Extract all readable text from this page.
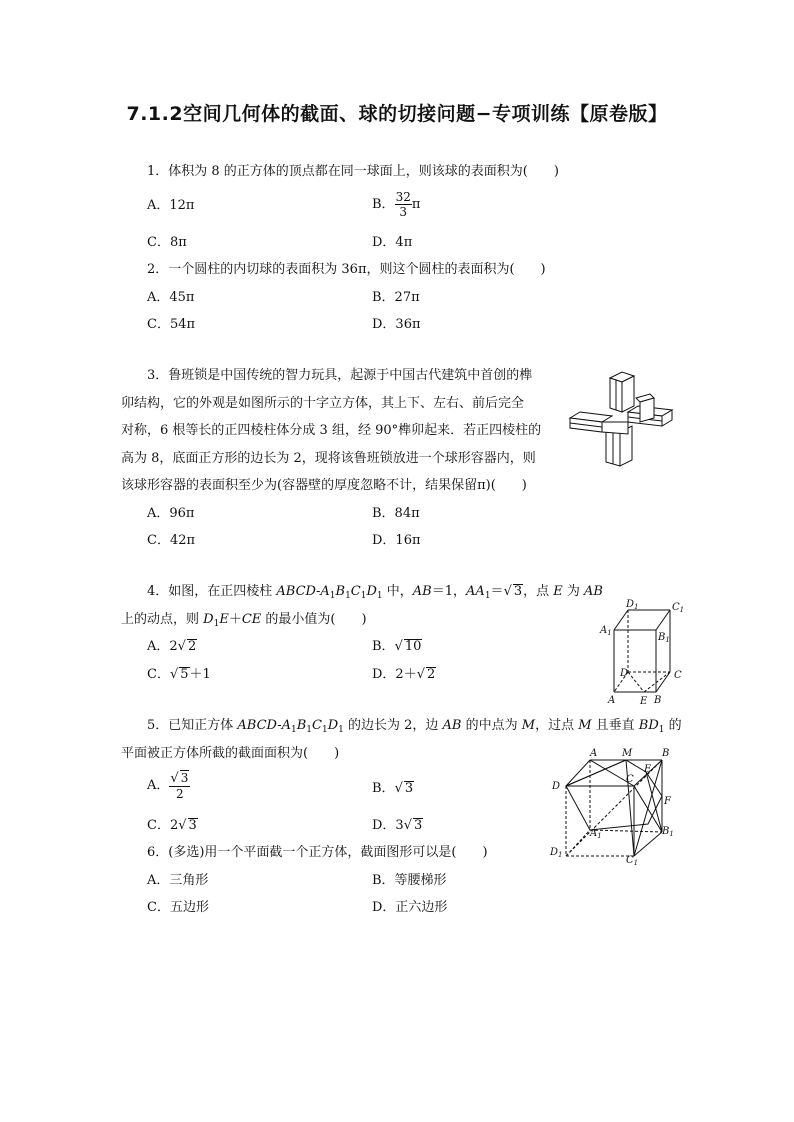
7.1.2空间几何体的截面、球的切接问题−专项训练【原卷版】
1．体积为 8 的正方体的顶点都在同一球面上，则该球的表面积为(　　)
A．12π	B． $\frac{32}{3}$ π
C．8π	D．4π
2．一个圆柱的内切球的表面积为 36π，则这个圆柱的表面积为(　　)
A．45π	B．27π
C．54π	D．36π
3．鲁班锁是中国传统的智力玩具，起源于中国古代建筑中首创的榫
卯结构，它的外观是如图所示的十字立方体，其上下、左右、前后完全
对称，6 根等长的正四棱柱体分成 3 组，经 90°榫卯起来．若正四棱柱的
高为 8，底面正方形的边长为 2，现将该鲁班锁放进一个球形容器内，则
该球形容器的表面积至少为(容器壁的厚度忽略不计，结果保留π)(　　)
A．96π	B．84π
C．42π	D．16π
4．如图，在正四棱柱 ABCD-$A_1B_1C_1D_1$ 中，AB＝1，$AA_1=√$ 3，点 E 为 AB
上的动点，则 $D_1E+CE$ 的最小值为(　　)
A．2√ 2	B．√ 10
C．√ 5＋1	D．2＋√ 2
$D_1$	$C_1$
$A_1$	$B_1$
D	C
A E B
5．已知正方体 ABCD-$A_1B_1C_1D_1$ 的边长为 2，边 AB 的中点为 M，过点 M 且垂直 $BD_1$ 的
平面被正方体所截的截面面积为(　　)
A． $\frac{√ 3}{2}$	B．√ 3
C．2√ 3	D．3√ 3
A M	B
E
C
D
F
$A_1$	$B_1$
$D_1$	$C_1$
6．(多选)用一个平面截一个正方体，截面图形可以是(　　)
A．三角形	B．等腰梯形
C．五边形	D．正六边形
